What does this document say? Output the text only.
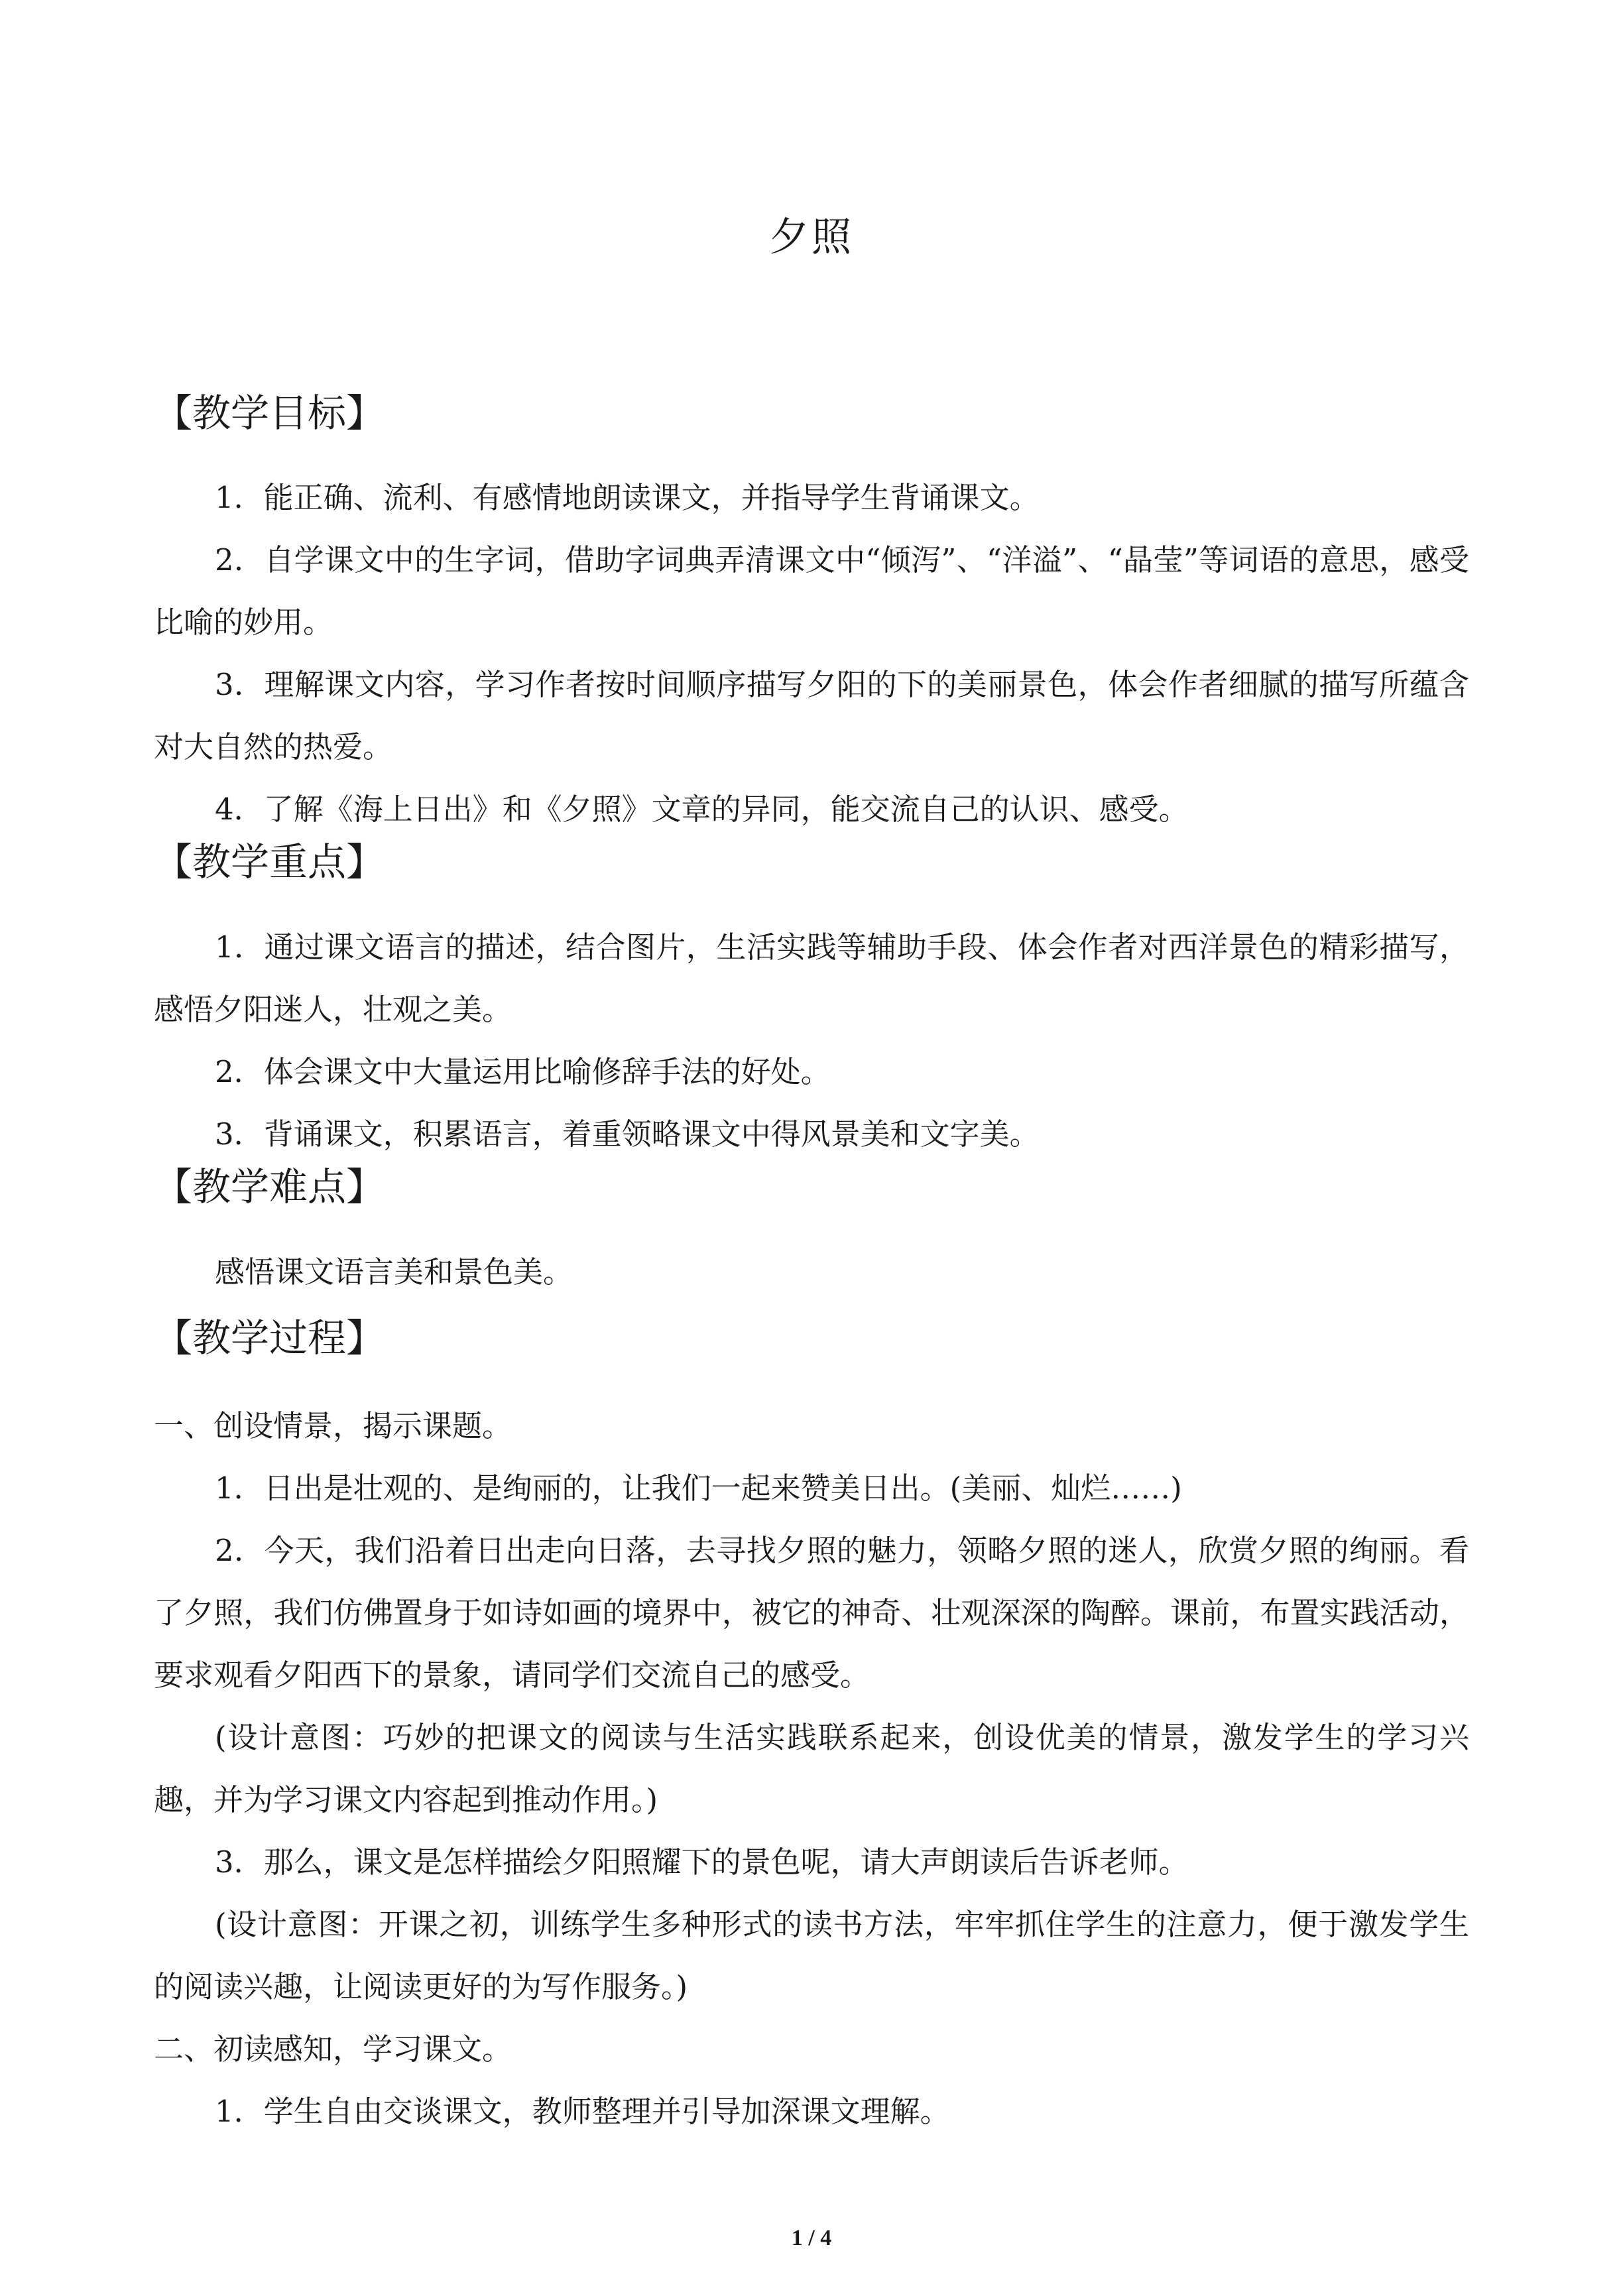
夕照
【教学目标】
1．能正确、流利、有感情地朗读课文，并指导学生背诵课文。
2．自学课文中的生字词，借助字词典弄清课文中“倾泻”、“洋溢”、“晶莹”等词语的意思，感受比喻的妙用。
3．理解课文内容，学习作者按时间顺序描写夕阳的下的美丽景色，体会作者细腻的描写所蕴含对大自然的热爱。
4．了解《海上日出》和《夕照》文章的异同，能交流自己的认识、感受。
【教学重点】
1．通过课文语言的描述，结合图片，生活实践等辅助手段、体会作者对西洋景色的精彩描写，感悟夕阳迷人，壮观之美。
2．体会课文中大量运用比喻修辞手法的好处。
3．背诵课文，积累语言，着重领略课文中得风景美和文字美。
【教学难点】
感悟课文语言美和景色美。
【教学过程】
一、创设情景，揭示课题。
1．日出是壮观的、是绚丽的，让我们一起来赞美日出。(美丽、灿烂……)
2．今天，我们沿着日出走向日落，去寻找夕照的魅力，领略夕照的迷人，欣赏夕照的绚丽。看了夕照，我们仿佛置身于如诗如画的境界中，被它的神奇、壮观深深的陶醉。课前，布置实践活动，要求观看夕阳西下的景象，请同学们交流自己的感受。
(设计意图：巧妙的把课文的阅读与生活实践联系起来，创设优美的情景，激发学生的学习兴趣，并为学习课文内容起到推动作用。)
3．那么，课文是怎样描绘夕阳照耀下的景色呢，请大声朗读后告诉老师。
(设计意图：开课之初，训练学生多种形式的读书方法，牢牢抓住学生的注意力，便于激发学生的阅读兴趣，让阅读更好的为写作服务。)
二、初读感知，学习课文。
1．学生自由交谈课文，教师整理并引导加深课文理解。
1 / 4
